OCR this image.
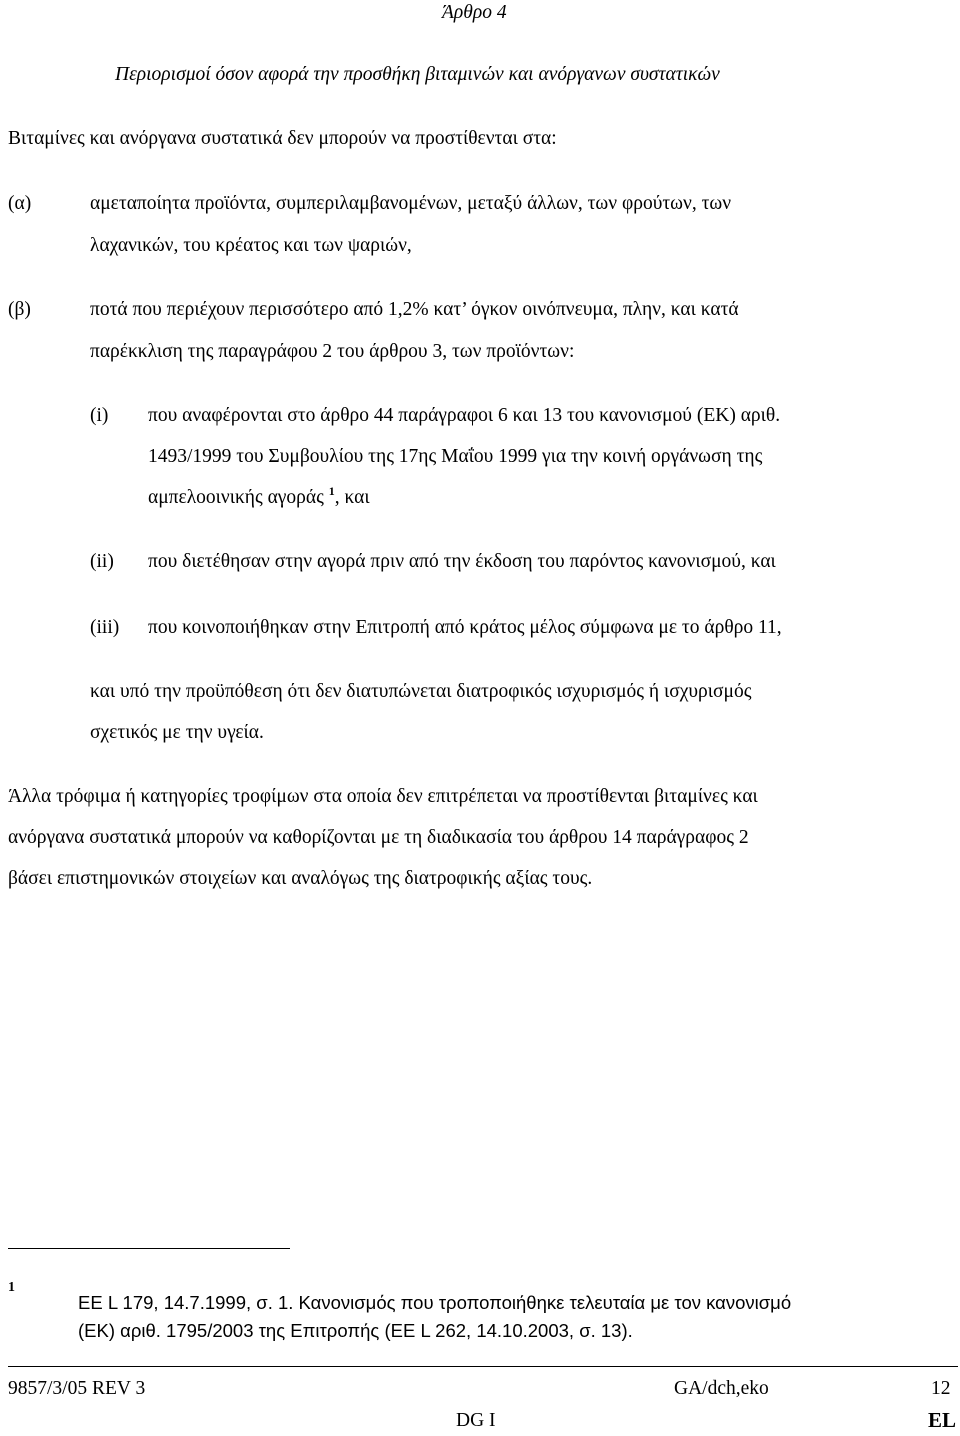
Άρθρο 4
Περιορισμοί όσον αφορά την προσθήκη βιταμινών και ανόργανων συστατικών
Βιταμίνες και ανόργανα συστατικά δεν μπορούν να προστίθενται στα:
(α)	αμεταποίητα προϊόντα, συμπεριλαμβανομένων, μεταξύ άλλων, των φρούτων, των
λαχανικών, του κρέατος και των ψαριών,
(β)	ποτά που περιέχουν περισσότερο από 1,2% κατ’ όγκον οινόπνευμα, πλην, και κατά
παρέκκλιση της παραγράφου 2 του άρθρου 3, των προϊόντων:
(i) που αναφέρονται στο άρθρο 44 παράγραφοι 6 και 13 του κανονισμού (ΕΚ) αριθ.
1493/1999 του Συμβουλίου της 17ης Μαΐου 1999 για την κοινή οργάνωση της
αμπελοοινικής αγοράς $^1$, και
(ii) που διετέθησαν στην αγορά πριν από την έκδοση του παρόντος κανονισμού, και
(iii) που κοινοποιήθηκαν στην Επιτροπή από κράτος μέλος σύμφωνα με το άρθρο 11,
και υπό την προϋπόθεση ότι δεν διατυπώνεται διατροφικός ισχυρισμός ή ισχυρισμός
σχετικός με την υγεία.
Άλλα τρόφιμα ή κατηγορίες τροφίμων στα οποία δεν επιτρέπεται να προστίθενται βιταμίνες και
ανόργανα συστατικά μπορούν να καθορίζονται με τη διαδικασία του άρθρου 14 παράγραφος 2
βάσει επιστημονικών στοιχείων και αναλόγως της διατροφικής αξίας τους.
1
ΕΕ L 179, 14.7.1999, σ. 1. Κανονισμός που τροποποιήθηκε τελευταία με τον κανονισμό
(ΕΚ) αριθ. 1795/2003 της Επιτροπής (ΕΕ L 262, 14.10.2003, σ. 13).
9857/3/05 REV 3	GA/dch,eko	12
DG I	EL
